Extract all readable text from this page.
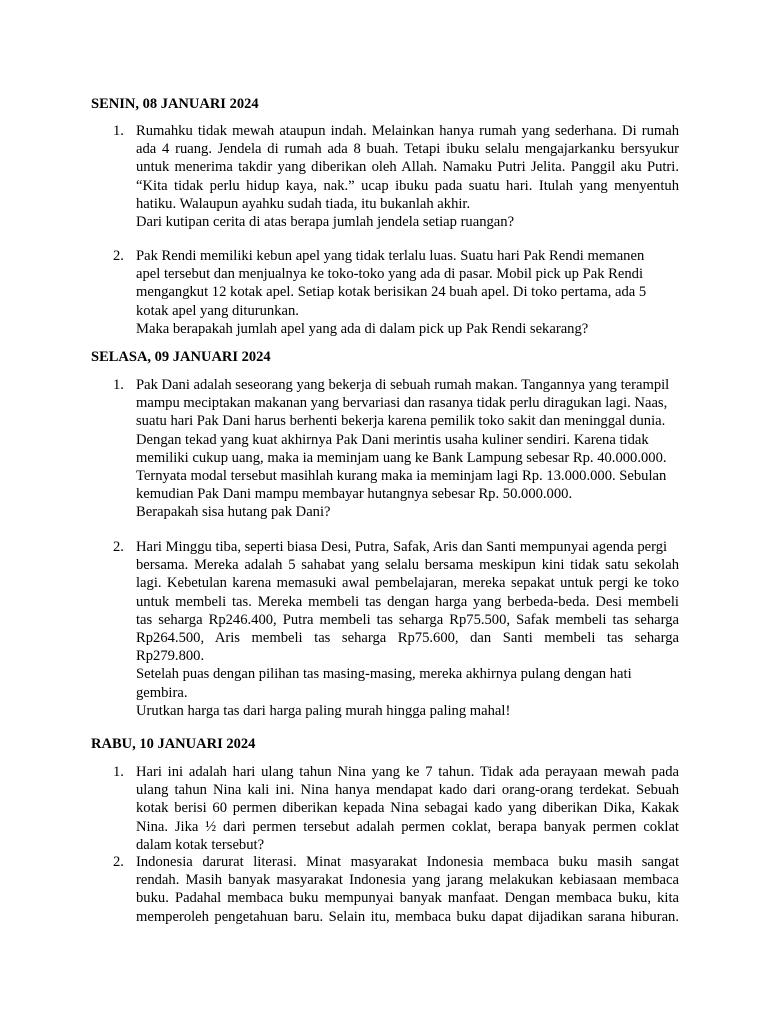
SENIN, 08 JANUARI 2024
1. Rumahku tidak mewah ataupun indah. Melainkan hanya rumah yang sederhana. Di rumah
ada 4 ruang. Jendela di rumah ada 8 buah. Tetapi ibuku selalu mengajarkanku bersyukur
untuk menerima takdir yang diberikan oleh Allah. Namaku Putri Jelita. Panggil aku Putri.
“Kita tidak perlu hidup kaya, nak.” ucap ibuku pada suatu hari. Itulah yang menyentuh
hatiku. Walaupun ayahku sudah tiada, itu bukanlah akhir.
Dari kutipan cerita di atas berapa jumlah jendela setiap ruangan?
2. Pak Rendi memiliki kebun apel yang tidak terlalu luas. Suatu hari Pak Rendi memanen
apel tersebut dan menjualnya ke toko-toko yang ada di pasar. Mobil pick up Pak Rendi
mengangkut 12 kotak apel. Setiap kotak berisikan 24 buah apel. Di toko pertama, ada 5
kotak apel yang diturunkan.
Maka berapakah jumlah apel yang ada di dalam pick up Pak Rendi sekarang?
SELASA, 09 JANUARI 2024
1. Pak Dani adalah seseorang yang bekerja di sebuah rumah makan. Tangannya yang terampil
mampu meciptakan makanan yang bervariasi dan rasanya tidak perlu diragukan lagi. Naas,
suatu hari Pak Dani harus berhenti bekerja karena pemilik toko sakit dan meninggal dunia.
Dengan tekad yang kuat akhirnya Pak Dani merintis usaha kuliner sendiri. Karena tidak
memiliki cukup uang, maka ia meminjam uang ke Bank Lampung sebesar Rp. 40.000.000.
Ternyata modal tersebut masihlah kurang maka ia meminjam lagi Rp. 13.000.000. Sebulan
kemudian Pak Dani mampu membayar hutangnya sebesar Rp. 50.000.000.
Berapakah sisa hutang pak Dani?
2. Hari Minggu tiba, seperti biasa Desi, Putra, Safak, Aris dan Santi mempunyai agenda pergi
bersama. Mereka adalah 5 sahabat yang selalu bersama meskipun kini tidak satu sekolah
lagi. Kebetulan karena memasuki awal pembelajaran, mereka sepakat untuk pergi ke toko
untuk membeli tas. Mereka membeli tas dengan harga yang berbeda-beda. Desi membeli
tas seharga Rp246.400, Putra membeli tas seharga Rp75.500, Safak membeli tas seharga
Rp264.500, Aris membeli tas seharga Rp75.600, dan Santi membeli tas seharga
Rp279.800.
Setelah puas dengan pilihan tas masing-masing, mereka akhirnya pulang dengan hati
gembira.
Urutkan harga tas dari harga paling murah hingga paling mahal!
RABU, 10 JANUARI 2024
1. Hari ini adalah hari ulang tahun Nina yang ke 7 tahun. Tidak ada perayaan mewah pada
ulang tahun Nina kali ini. Nina hanya mendapat kado dari orang-orang terdekat. Sebuah
kotak berisi 60 permen diberikan kepada Nina sebagai kado yang diberikan Dika, Kakak
Nina. Jika ½ dari permen tersebut adalah permen coklat, berapa banyak permen coklat
dalam kotak tersebut?
2. Indonesia darurat literasi. Minat masyarakat Indonesia membaca buku masih sangat
rendah. Masih banyak masyarakat Indonesia yang jarang melakukan kebiasaan membaca
buku. Padahal membaca buku mempunyai banyak manfaat. Dengan membaca buku, kita
memperoleh pengetahuan baru. Selain itu, membaca buku dapat dijadikan sarana hiburan.
